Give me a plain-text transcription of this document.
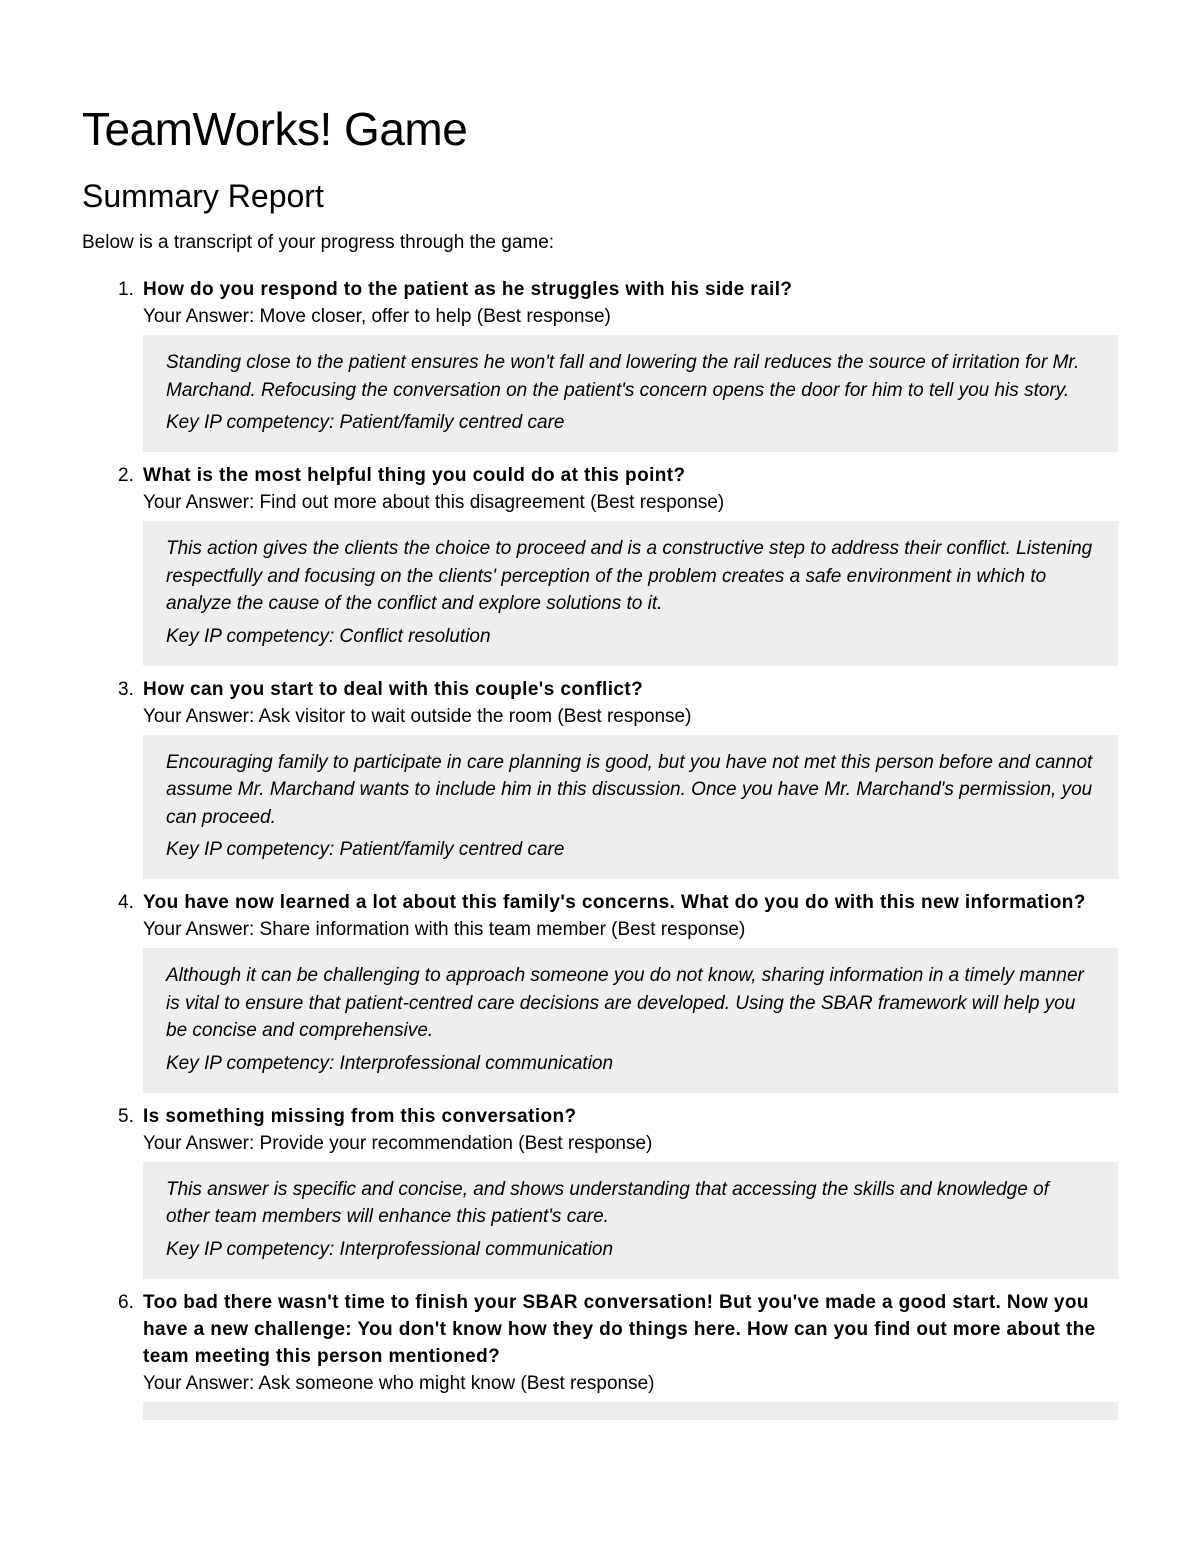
TeamWorks! Game
Summary Report

Below is a transcript of your progress through the game:

1. How do you respond to the patient as he struggles with his side rail?
Your Answer: Move closer, offer to help (Best response)
Standing close to the patient ensures he won't fall and lowering the rail reduces the source of irritation for Mr. Marchand. Refocusing the conversation on the patient's concern opens the door for him to tell you his story.
Key IP competency: Patient/family centred care
2. What is the most helpful thing you could do at this point?
Your Answer: Find out more about this disagreement (Best response)
This action gives the clients the choice to proceed and is a constructive step to address their conflict. Listening respectfully and focusing on the clients' perception of the problem creates a safe environment in which to analyze the cause of the conflict and explore solutions to it.
Key IP competency: Conflict resolution
3. How can you start to deal with this couple's conflict?
Your Answer: Ask visitor to wait outside the room (Best response)
Encouraging family to participate in care planning is good, but you have not met this person before and cannot assume Mr. Marchand wants to include him in this discussion. Once you have Mr. Marchand's permission, you can proceed.
Key IP competency: Patient/family centred care
4. You have now learned a lot about this family's concerns. What do you do with this new information?
Your Answer: Share information with this team member (Best response)
Although it can be challenging to approach someone you do not know, sharing information in a timely manner is vital to ensure that patient-centred care decisions are developed. Using the SBAR framework will help you be concise and comprehensive.
Key IP competency: Interprofessional communication
5. Is something missing from this conversation?
Your Answer: Provide your recommendation (Best response)
This answer is specific and concise, and shows understanding that accessing the skills and knowledge of other team members will enhance this patient's care.
Key IP competency: Interprofessional communication
6. Too bad there wasn't time to finish your SBAR conversation! But you've made a good start. Now you have a new challenge: You don't know how they do things here. How can you find out more about the team meeting this person mentioned?
Your Answer: Ask someone who might know (Best response)
